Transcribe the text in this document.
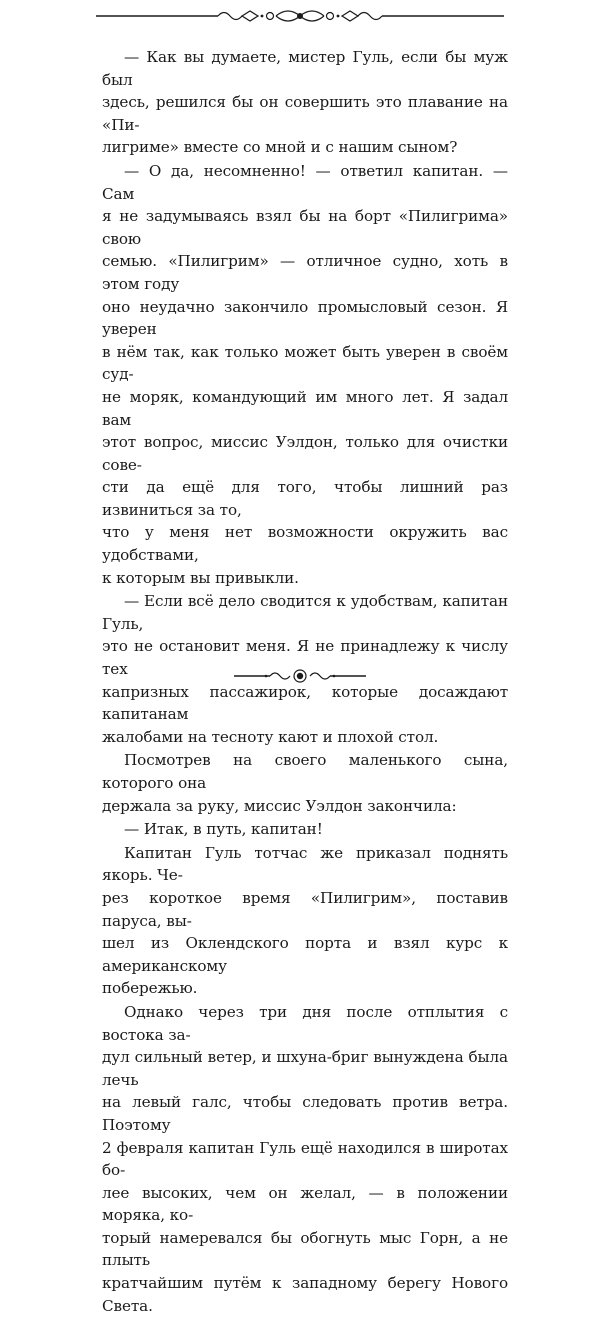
— Как вы думаете, мистер Гуль, если бы муж был
здесь, решился бы он совершить это плавание на «Пи-
лигриме» вместе со мной и с нашим сыном?

— О да, несомненно! — ответил капитан. — Сам
я не задумываясь взял бы на борт «Пилигрима» свою
семью. «Пилигрим» — отличное судно, хоть в этом году
оно неудачно закончило промысловый сезон. Я уверен
в нём так, как только может быть уверен в своём суд-
не моряк, командующий им много лет. Я задал вам
этот вопрос, миссис Уэлдон, только для очистки сове-
сти да ещё для того, чтобы лишний раз извиниться за то,
что у меня нет возможности окружить вас удобствами,
к которым вы привыкли.

— Если всё дело сводится к удобствам, капитан Гуль,
это не остановит меня. Я не принадлежу к числу тех
капризных пассажирок, которые досаждают капитанам
жалобами на тесноту кают и плохой стол.

Посмотрев на своего маленького сына, которого она
держала за руку, миссис Уэлдон закончила:

— Итак, в путь, капитан!

Капитан Гуль тотчас же приказал поднять якорь. Че-
рез короткое время «Пилигрим», поставив паруса, вы-
шел из Оклендского порта и взял курс к американскому
побережью.

Однако через три дня после отплытия с востока за-
дул сильный ветер, и шхуна-бриг вынуждена была лечь
на левый галс, чтобы следовать против ветра. Поэтому
2 февраля капитан Гуль ещё находился в широтах бо-
лее высоких, чем он желал, — в положении моряка, ко-
торый намеревался бы обогнуть мыс Горн, а не плыть
кратчайшим путём к западному берегу Нового Света.
